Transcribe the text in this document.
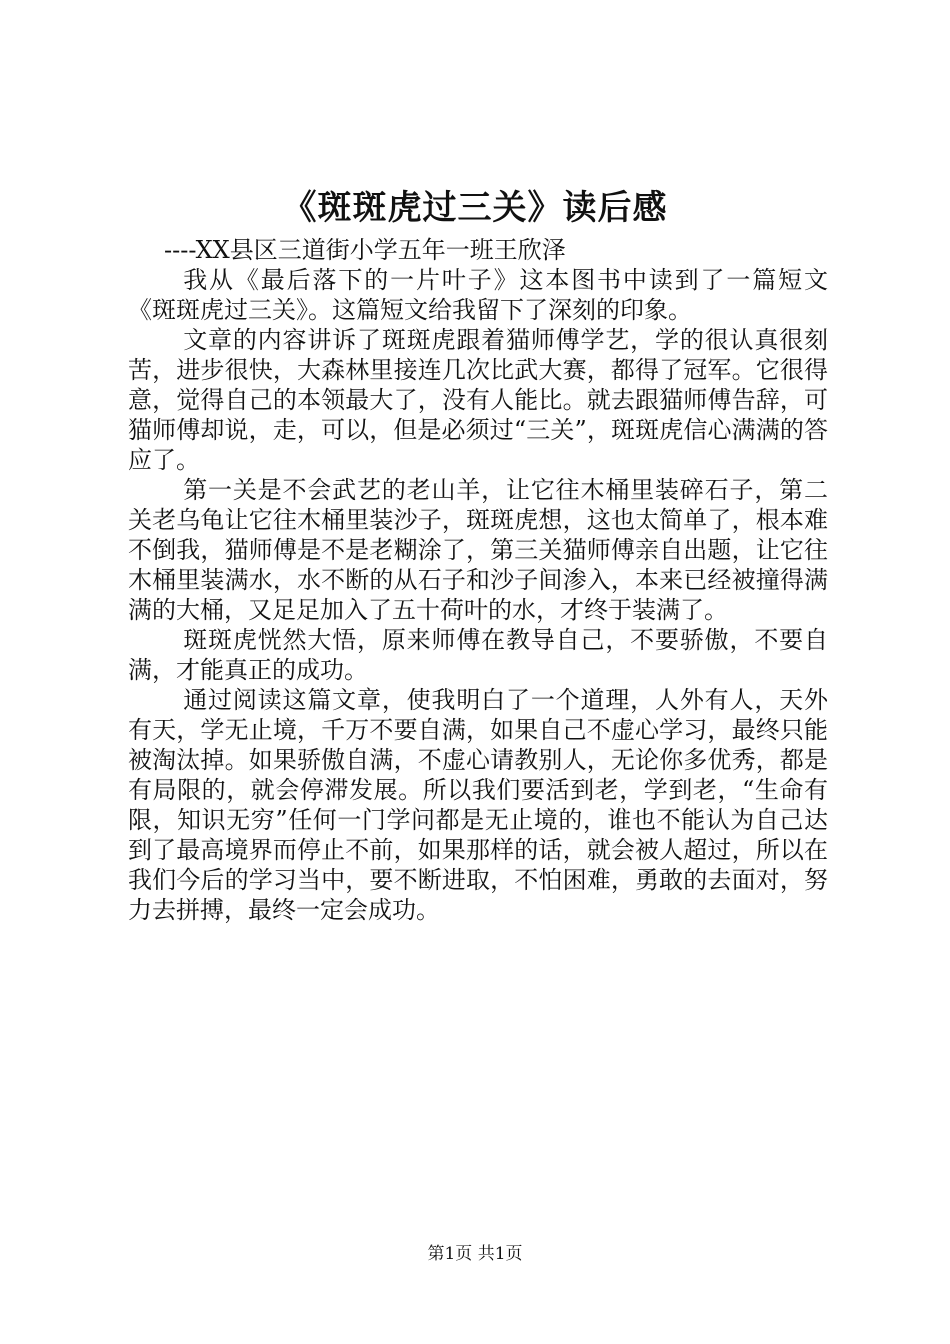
《斑斑虎过三关》读后感

----XX县区三道街小学五年一班王欣泽

我从《最后落下的一片叶子》这本图书中读到了一篇短文《斑斑虎过三关》。这篇短文给我留下了深刻的印象。

文章的内容讲诉了斑斑虎跟着猫师傅学艺，学的很认真很刻苦，进步很快，大森林里接连几次比武大赛，都得了冠军。它很得意，觉得自己的本领最大了，没有人能比。就去跟猫师傅告辞，可猫师傅却说，走，可以，但是必须过“三关”，斑斑虎信心满满的答应了。

第一关是不会武艺的老山羊，让它往木桶里装碎石子，第二关老乌龟让它往木桶里装沙子，斑斑虎想，这也太简单了，根本难不倒我，猫师傅是不是老糊涂了，第三关猫师傅亲自出题，让它往木桶里装满水，水不断的从石子和沙子间渗入，本来已经被撞得满满的大桶，又足足加入了五十荷叶的水，才终于装满了。

斑斑虎恍然大悟，原来师傅在教导自己，不要骄傲，不要自满，才能真正的成功。

通过阅读这篇文章，使我明白了一个道理，人外有人，天外有天，学无止境，千万不要自满，如果自己不虚心学习，最终只能被淘汰掉。如果骄傲自满，不虚心请教别人，无论你多优秀，都是有局限的，就会停滞发展。所以我们要活到老，学到老，“生命有限，知识无穷”任何一门学问都是无止境的，谁也不能认为自己达到了最高境界而停止不前，如果那样的话，就会被人超过，所以在我们今后的学习当中，要不断进取，不怕困难，勇敢的去面对，努力去拼搏，最终一定会成功。

第1页 共1页
